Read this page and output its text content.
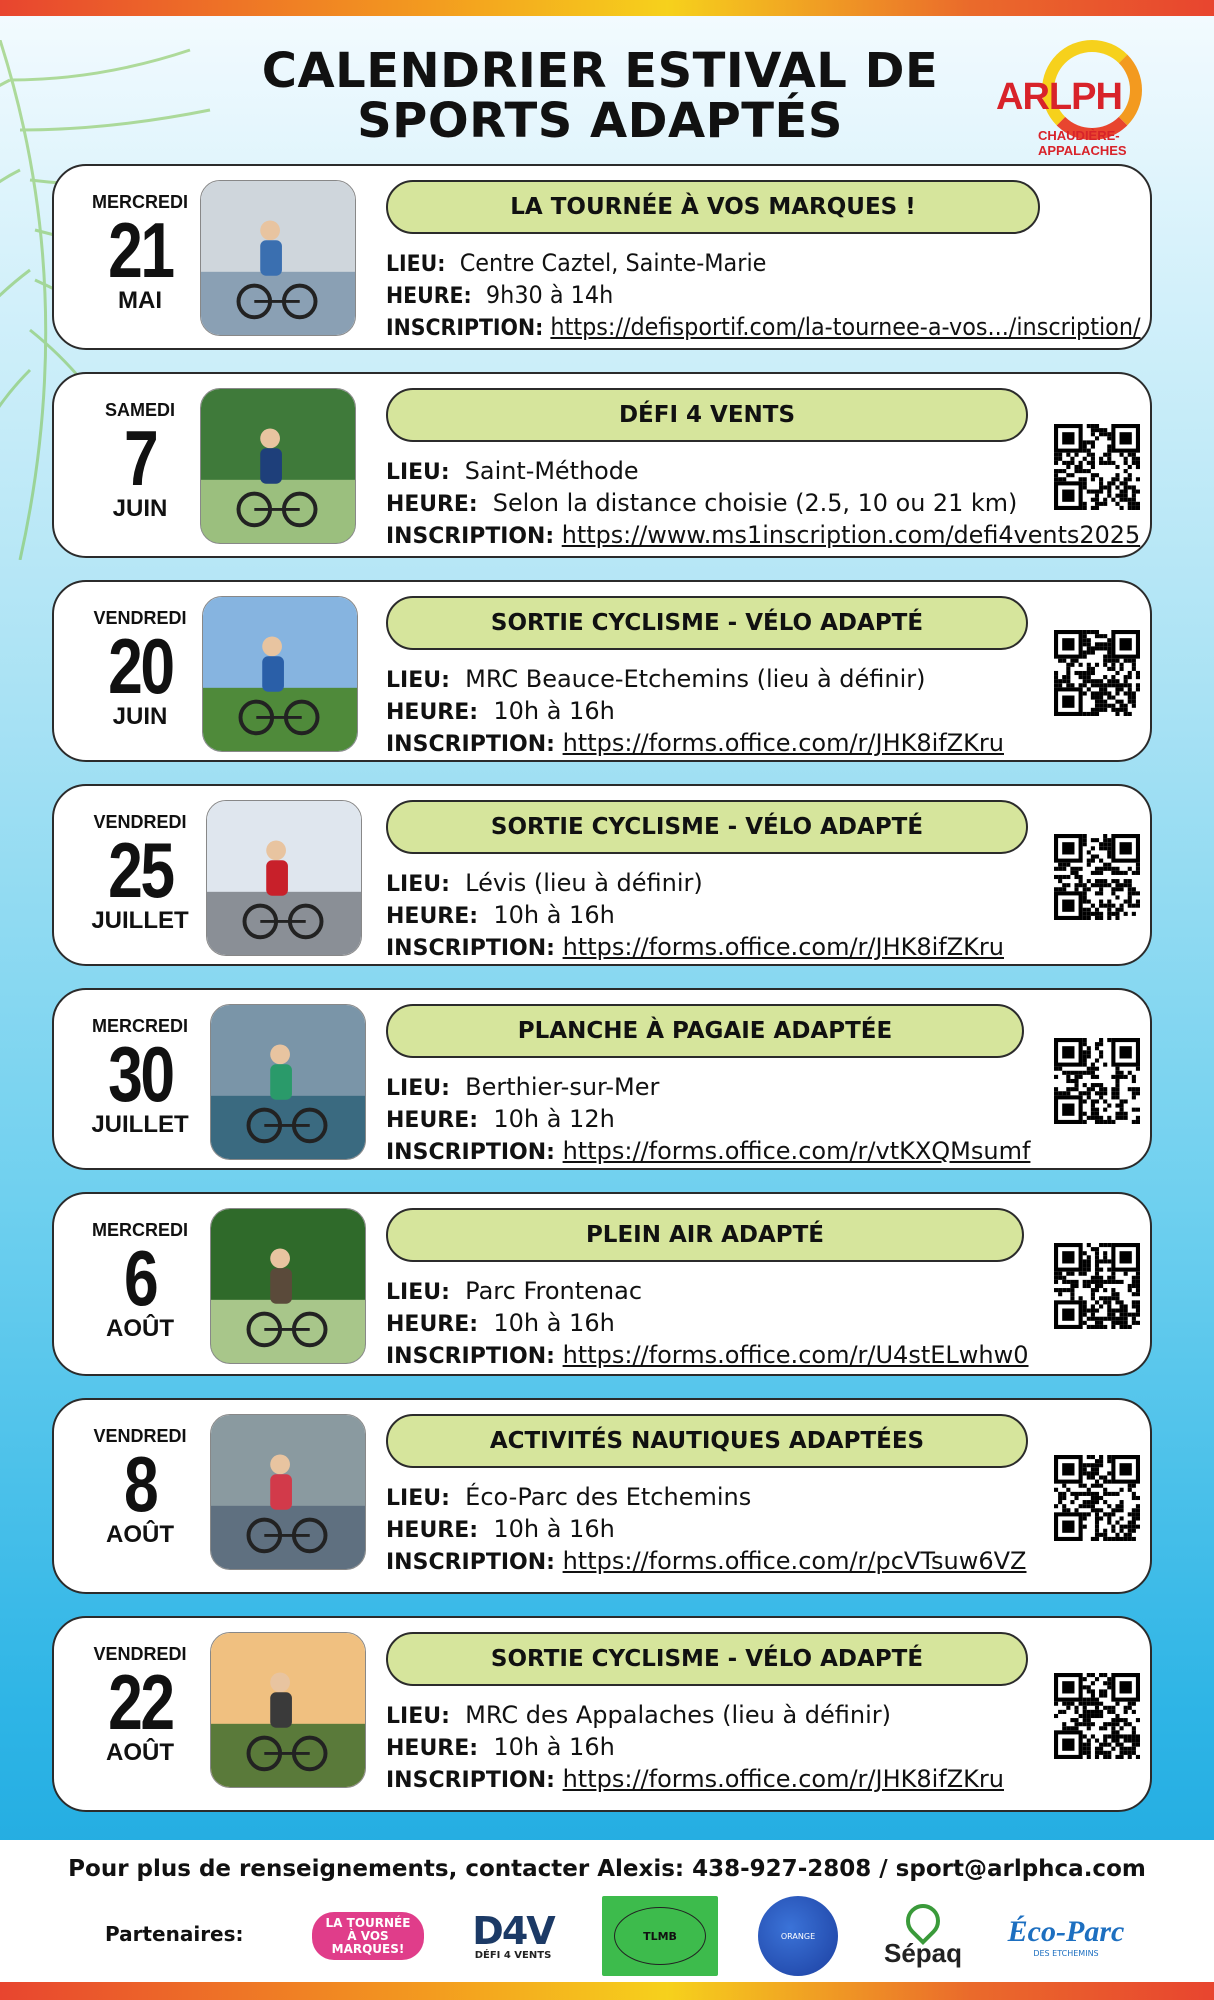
CALENDRIER ESTIVAL DE
SPORTS ADAPTÉS	ARLPH
CHAUDIÈRE-APPALACHES
MERCREDI
21
MAI
LA TOURNÉE À VOS MARQUES !
LIEU: Centre Caztel, Sainte-Marie
HEURE: 9h30 à 14h
INSCRIPTION: https://defisportif.com/la-tournee-a-vos.../inscription/
SAMEDI
7
JUIN
DÉFI 4 VENTS
LIEU: Saint-Méthode
HEURE: Selon la distance choisie (2.5, 10 ou 21 km)
INSCRIPTION: https://www.ms1inscription.com/defi4vents2025
VENDREDI
20
JUIN
SORTIE CYCLISME - VÉLO ADAPTÉ
LIEU: MRC Beauce-Etchemins (lieu à définir)
HEURE: 10h à 16h
INSCRIPTION: https://forms.office.com/r/JHK8ifZKru
VENDREDI
25
JUILLET
SORTIE CYCLISME - VÉLO ADAPTÉ
LIEU: Lévis (lieu à définir)
HEURE: 10h à 16h
INSCRIPTION: https://forms.office.com/r/JHK8ifZKru
MERCREDI
30
JUILLET
PLANCHE À PAGAIE ADAPTÉE
LIEU: Berthier-sur-Mer
HEURE: 10h à 12h
INSCRIPTION: https://forms.office.com/r/vtKXQMsumf
MERCREDI
6
AOÛT
PLEIN AIR ADAPTÉ
LIEU: Parc Frontenac
HEURE: 10h à 16h
INSCRIPTION: https://forms.office.com/r/U4stELwhw0
VENDREDI
8
AOÛT
ACTIVITÉS NAUTIQUES ADAPTÉES
LIEU: Éco-Parc des Etchemins
HEURE: 10h à 16h
INSCRIPTION: https://forms.office.com/r/pcVTsuw6VZ
VENDREDI
22
AOÛT
SORTIE CYCLISME - VÉLO ADAPTÉ
LIEU: MRC des Appalaches (lieu à définir)
HEURE: 10h à 16h
INSCRIPTION: https://forms.office.com/r/JHK8ifZKru
Pour plus de renseignements, contacter Alexis: 438-927-2808 / sport@arlphca.com
Partenaires:	LA TOURNÉE
À VOS
MARQUES! D4V
DÉFI 4 VENTS
TLMB	ORANGE
Sépaq
Éco-Parc
DES ETCHEMINS
